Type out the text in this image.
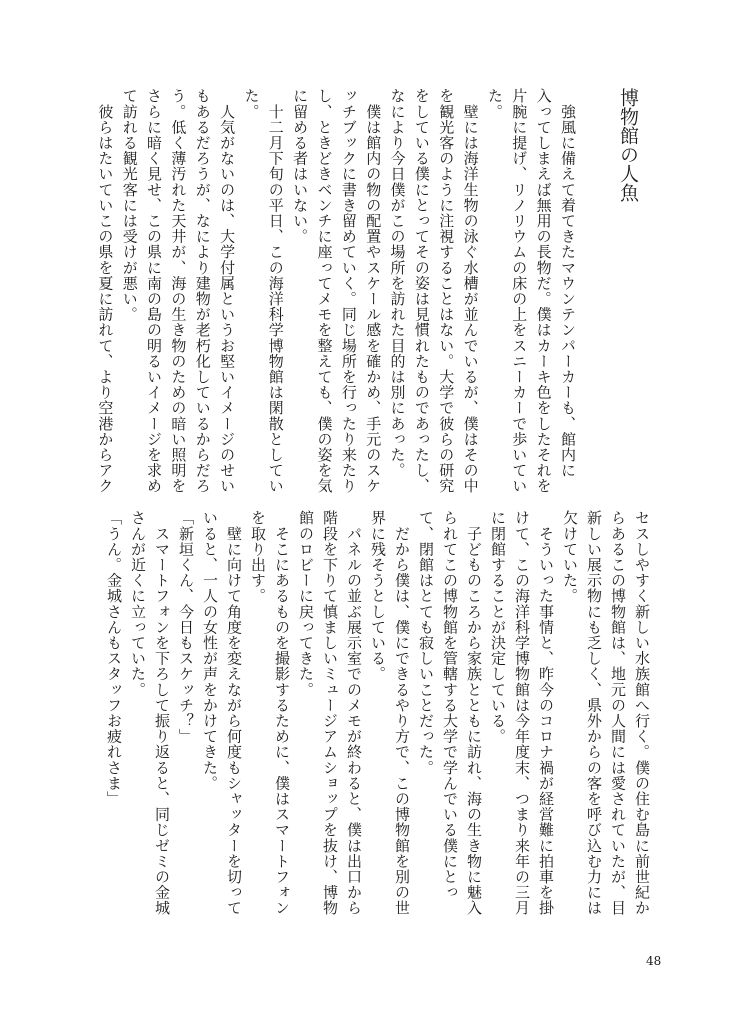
博物館の人魚
　強風に備えて着てきたマウンテンパーカーも、館内に
入ってしまえば無用の長物だ。僕はカーキ色をしたそれを
片腕に提げ、リノリウムの床の上をスニーカーで歩いてい
た。
　壁には海洋生物の泳ぐ水槽が並んでいるが、僕はその中
を観光客のように注視することはない。大学で彼らの研究
をしている僕にとってその姿は見慣れたものであったし、
なにより今日僕がこの場所を訪れた目的は別にあった。
　僕は館内の物の配置やスケール感を確かめ、手元のスケ
ッチブックに書き留めていく。同じ場所を行ったり来たり
し、ときどきベンチに座ってメモを整えても、僕の姿を気
に留める者はいない。
　十二月下旬の平日、この海洋科学博物館は閑散としてい
た。
　人気がないのは、大学付属というお堅いイメージのせい
もあるだろうが、なにより建物が老朽化しているからだろ
う。低く薄汚れた天井が、海の生き物のための暗い照明を
さらに暗く見せ、この県に南の島の明るいイメージを求め
て訪れる観光客には受けが悪い。
　彼らはたいていこの県を夏に訪れて、より空港からアク
セスしやすく新しい水族館へ行く。僕の住む島に前世紀か
らあるこの博物館は、地元の人間には愛されていたが、目
新しい展示物にも乏しく、県外からの客を呼び込む力には
欠けていた。
　そういった事情と、昨今のコロナ禍が経営難に拍車を掛
けて、この海洋科学博物館は今年度末、つまり来年の三月
に閉館することが決定している。
　子どものころから家族とともに訪れ、海の生き物に魅入
られてこの博物館を管轄する大学で学んでいる僕にとっ
て、閉館はとても寂しいことだった。
　だから僕は、僕にできるやり方で、この博物館を別の世
界に残そうとしている。
　パネルの並ぶ展示室でのメモが終わると、僕は出口から
階段を下りて慎ましいミュージアムショップを抜け、博物
館のロビーに戻ってきた。
　そこにあるものを撮影するために、僕はスマートフォン
を取り出す。
　壁に向けて角度を変えながら何度もシャッターを切って
いると、一人の女性が声をかけてきた。
「新垣くん、今日もスケッチ？」
　スマートフォンを下ろして振り返ると、同じゼミの金城
さんが近くに立っていた。
「うん。金城さんもスタッフお疲れさま」
48
